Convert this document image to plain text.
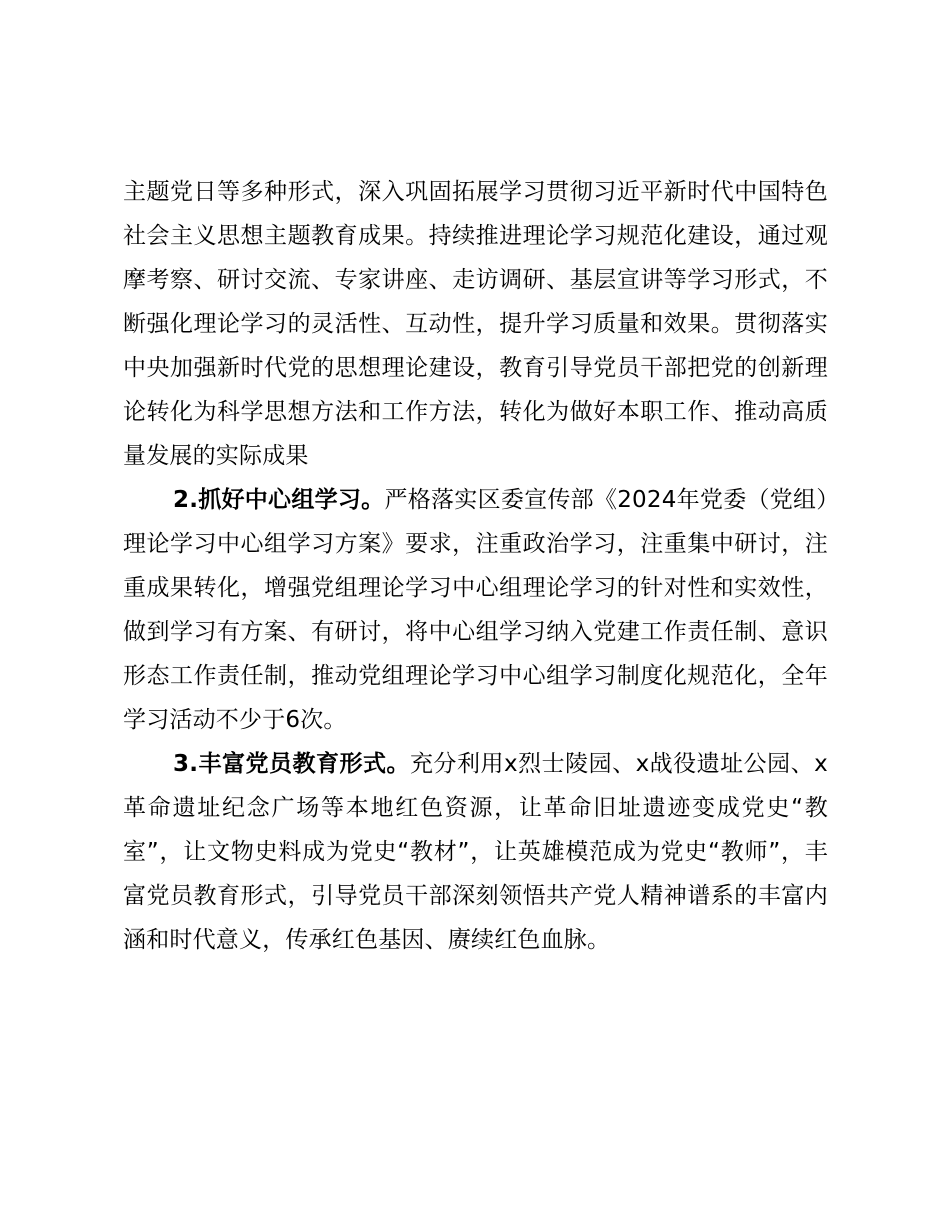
主题党日等多种形式，深入巩固拓展学习贯彻习近平新时代中国特色社会主义思想主题教育成果。持续推进理论学习规范化建设，通过观摩考察、研讨交流、专家讲座、走访调研、基层宣讲等学习形式，不断强化理论学习的灵活性、互动性，提升学习质量和效果。贯彻落实中央加强新时代党的思想理论建设，教育引导党员干部把党的创新理论转化为科学思想方法和工作方法，转化为做好本职工作、推动高质量发展的实际成果

2.抓好中心组学习。严格落实区委宣传部《2024年党委（党组）理论学习中心组学习方案》要求，注重政治学习，注重集中研讨，注重成果转化，增强党组理论学习中心组理论学习的针对性和实效性，做到学习有方案、有研讨，将中心组学习纳入党建工作责任制、意识形态工作责任制，推动党组理论学习中心组学习制度化规范化，全年学习活动不少于6次。

3.丰富党员教育形式。充分利用x烈士陵园、x战役遗址公园、x革命遗址纪念广场等本地红色资源，让革命旧址遗迹变成党史“教室”，让文物史料成为党史“教材”，让英雄模范成为党史“教师”，丰富党员教育形式，引导党员干部深刻领悟共产党人精神谱系的丰富内涵和时代意义，传承红色基因、赓续红色血脉。
